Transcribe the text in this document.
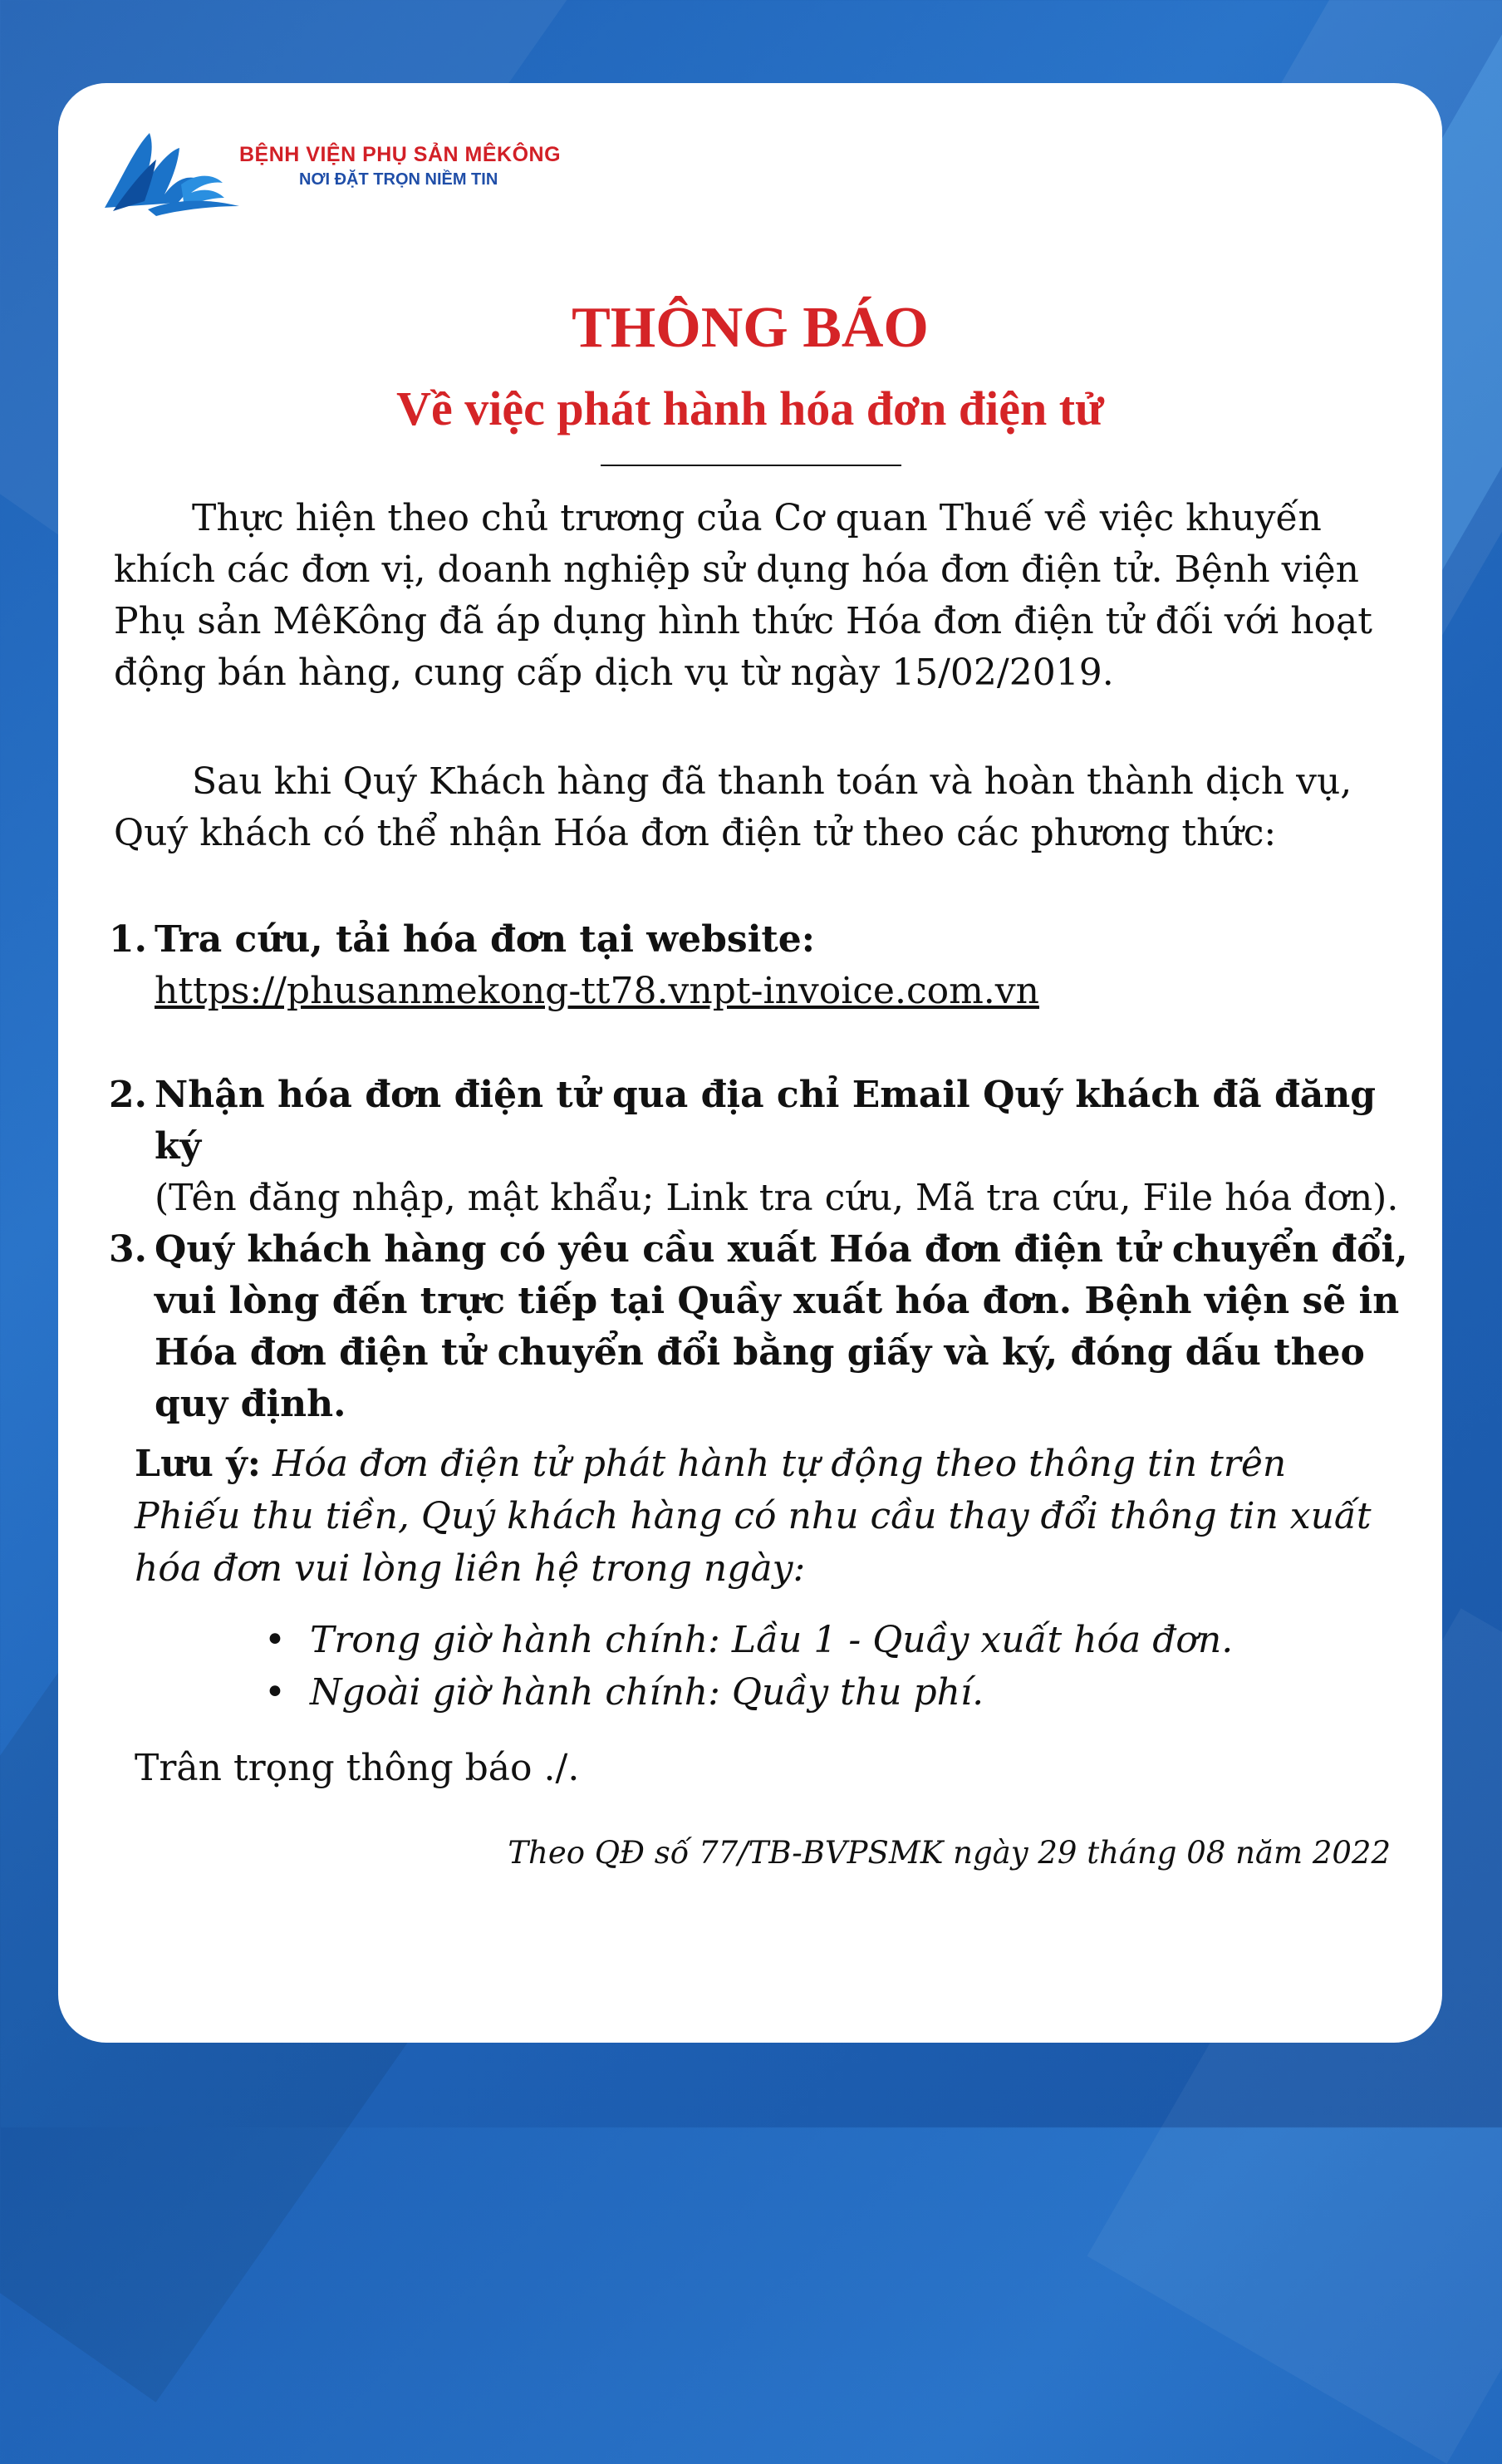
BỆNH VIỆN PHỤ SẢN MÊKÔNG
NƠI ĐẶT TRỌN NIỀM TIN
THÔNG BÁO
Về việc phát hành hóa đơn điện tử
Thực hiện theo chủ trương của Cơ quan Thuế về việc khuyến khích các đơn vị, doanh nghiệp sử dụng hóa đơn điện tử. Bệnh viện Phụ sản MêKông đã áp dụng hình thức Hóa đơn điện tử đối với hoạt động bán hàng, cung cấp dịch vụ từ ngày 15/02/2019.
Sau khi Quý Khách hàng đã thanh toán và hoàn thành dịch vụ, Quý khách có thể nhận Hóa đơn điện tử theo các phương thức:
1. Tra cứu, tải hóa đơn tại website:
https://phusanmekong-tt78.vnpt-invoice.com.vn
2. Nhận hóa đơn điện tử qua địa chỉ Email Quý khách đã đăng ký
(Tên đăng nhập, mật khẩu; Link tra cứu, Mã tra cứu, File hóa đơn).
3. Quý khách hàng có yêu cầu xuất Hóa đơn điện tử chuyển đổi, vui lòng đến trực tiếp tại Quầy xuất hóa đơn. Bệnh viện sẽ in Hóa đơn điện tử chuyển đổi bằng giấy và ký, đóng dấu theo quy định.
Lưu ý: Hóa đơn điện tử phát hành tự động theo thông tin trên Phiếu thu tiền, Quý khách hàng có nhu cầu thay đổi thông tin xuất hóa đơn vui lòng liên hệ trong ngày:
• Trong giờ hành chính: Lầu 1 - Quầy xuất hóa đơn.
• Ngoài giờ hành chính: Quầy thu phí.
Trân trọng thông báo ./.
Theo QĐ số 77/TB-BVPSMK ngày 29 tháng 08 năm 2022
